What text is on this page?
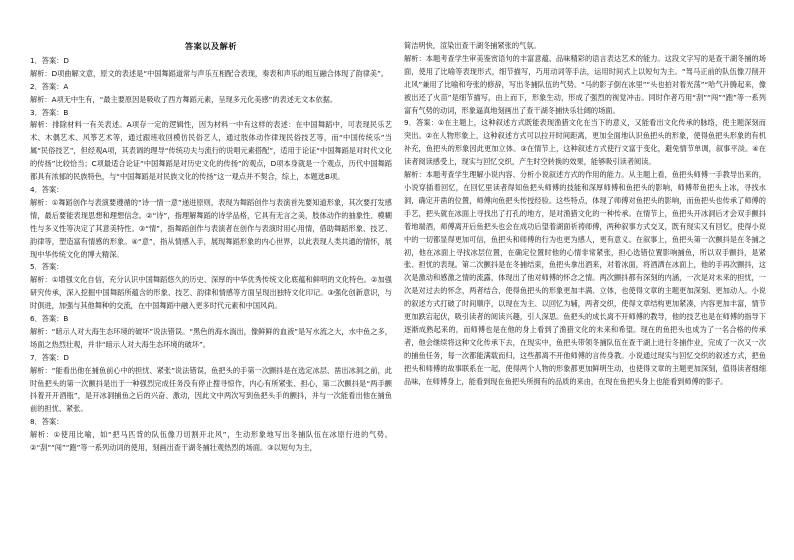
答案以及解析

1．答案：D

解析：D项曲解文意，原文的表述是“中国舞蹈道常与声乐互相配合表现，奏表和声乐的组互融合体现了韵律美”。

2．答案：A

解析：A项无中生有，“最主要原因是吸收了西方舞蹈元素，呈现多元化美感”的表述无文本依据。

3．答案：B

解析：排除材料一有关表述。A项存一定的逻辑性，因为材料一中有这样的表述：在中国舞蹈中，可表现民乐艺术、木偶艺术、风筝艺术等，通过跟班收回模仿民俗艺人，通过肢体动作律现民俗技艺等，而“中国传统乐”当属“民俗技艺”，但经观A项，其表调的理导“传统功夫与流行的说唱元素搭配”，适用于论证“中国舞蹈是对时代文化的传扬”比较恰当；C项最适合论证“中国舞蹈是对历史文化的传扬”的观点，D项本身就是一个观点，历代中国舞蹈都具有浓郁的民族特色，与“中国舞蹈是对民族文化的传扬”这一观点并不契合，综上，本题选B项。

4．答案：

解析：①舞蹈创作与表演要遵循的“诗一情一意”递进原则，表现为舞蹈创作与表演首先要知道形象，其次要打发感情，最后要能表现思想和理想信念。②“诗”，指理解舞蹈的诗学品格，它具有无言之美，肢体动作的抽象性、模糊性与多义性等决定了其意美特性。③“情”，指舞蹈创作与表演者在创作与表演时用心用情，借助舞蹈形象、技艺、韵律等，塑造富有情感的形象。④“意”，指从情感入手，展现舞蹈形象的内心世界，以此表现人类共通的情怀，展现中华传统文化的博大精深。

5．答案：

解析：①增强文化自信，充分认识中国舞蹈悠久的历史、深厚的中华优秀传统文化底蕴和鲜明的文化特色。②加强研究传承，深入挖掘中国舞蹈所蕴含的形象、技艺、韵律和情感等方面呈现出独特文化印记。③强化创新意识，与时俱进，加强与其他舞种的交流，在中国舞蹈中融入更多时代元素和中国风尚。

6．答案：B

解析：“暗示人对大海生态环境的破坏”说法错误。“黑色的海水淌出，像鲜鲜的血液”是写水流之大，水中鱼之多，场面之热烈壮观，并非“暗示人对大海生态环境的破坏”。

7．答案：D

解析：“能看出他在捕鱼前心中的担忧、紧张”说法错误，鱼把头的手第一次颤抖是在选定冰层、凿出冰洞之前，此时鱼把头的第一次颤抖是出于一种强烈完成任务没有停止搜寻惊作，内心有所紧张、担心，第二次颤抖是“两手颤抖着开开酒瓶”，是开冰洞捕鱼之后的兴奋、激动，因此文中两次写到鱼把头手的颤抖，并与一次能看出他在捕鱼前的担忧、紧张。

8．答案：

解析：①使用比喻，如“把马匹背的队伍像刀切割开北风”，生动形象地写出冬捕队伍在冰原行进的气势。②“刮”“闯”“跑”等一系列动词的使用，刻画出查干湖冬捕壮观热烈的场面。③以短句为主，

简洁明快，渲染出查干湖冬捕紧张的气氛。

解析：本题考查学生审美鉴赏语句的丰富意蕴、品味精彩的语言表达艺术的能力。这段文字写的是查干湖冬捕的场面，使用了比喻等表现形式，细节描写，巧用动词等手法，运用时间式上以短句为主。“驾马正前的队伍像刀削开北风”兼用了比喻和夸张的修辞，写出冬捕队伍的气势。“马的影子倒在冰里”“头也拍对着光荡”“哈气升腾起来，像被出还了火苗”是细节描写，由上而下，形象生动，形成了强烈的视觉冲击。同时作者巧用“刮”“闯”“跑”等一系列富有气势的动词，形象逼真地刻画出了查干湖冬捕快乐壮阔的场面。

9．答案：①在主题上，这种叙述方式既能表现渔猎文化在当下的意义，又能看出文化传承的脉络，使主题深刻而突出。②在人物形象上，这种叙述方式可以拉开时间距离，更加全面地认识鱼把头的形象，使得鱼把头形象的有机补充，鱼把头的形象因此更加立体。③在情节上，这种叙述方式使行文富于变化，避免情节单调，叙事平淡。④在读者阅读感受上，现实与回忆交织，产生时空转换的效果，能够吸引读者阅读。

解析：本题考查学生理解小说内容、分析小说叙述方式的作用的能力。从主题上看，鱼把头师傅一手教导出来的，小说穿插着回忆，在回忆里读者得知鱼把头师傅的技能和深厚师傅和鱼把头的影响，师傅带鱼把头上冰，寻找水洞，确定开凿的位置，师傅向鱼把头传授经验。这些特点，体现了师傅对鱼把头的影响，而鱼把头也传承了师傅的手艺，把头就在冰面上寻找出了打孔的地方，是对渔猎文化的一种传承。在情节上，鱼把头开冰洞后才会双手颤抖着地端酒，师傅离开后鱼把头也会在成功后望着湖面祈祷师傅，两种叙事方式交叉，既有现实又有回忆，使得小说中的一切都显得更加可信，鱼把头和师傅的行为也更为感人，更有意义。在叙事上，鱼把头第一次颤抖是在冬捕之初，他在冰面上寻找冰层位置，在确定位置时他的心情非常紧张，担心选错位置影响捕鱼，所以双手颤抖，是紧张、担忧的表现。第二次颤抖是在冬捕结束，鱼把头拿出酒来，对着冰面，将酒洒在冰面上，他的手再次颤抖，这次是激动和感激之情的流露，体现出了他对师傅的怀念之情。两次颤抖都有深刻的内涵，一次是对未来的担忧，一次是对过去的怀念，两者结合，使得鱼把头的形象更加丰满、立体，也使得文章的主题更加深刻、更加动人。小说的叙述方式打破了时间顺序，以现在为主、以回忆为辅，两者交织，使得文章结构更加紧凑，内容更加丰富，情节更加跌宕起伏，吸引读者的阅读兴趣，引人深思。鱼把头的成长离不开师傅的教导，他的技艺也是在师傅的指导下逐渐成熟起来的，而师傅也是在他的身上看到了渔猎文化的未来和希望。现在的鱼把头也成为了一名合格的传承者，他会继续将这种文化传承下去，在现实中，鱼把头带领冬捕队伍在查干湖上进行冬捕作业，完成了一次又一次的捕鱼任务，每一次都能满载而归，这些都离不开他师傅的言传身教。小说通过现实与回忆交织的叙述方式，把鱼把头和师傅的故事联系在一起，使得两个人物的形象都更加鲜明生动，也使得文章的主题更加深刻，值得读者细细品味，在师傅身上，能看到现在鱼把头所拥有的品质的来由，在现在鱼把头身上也能看到师傅的影子。
